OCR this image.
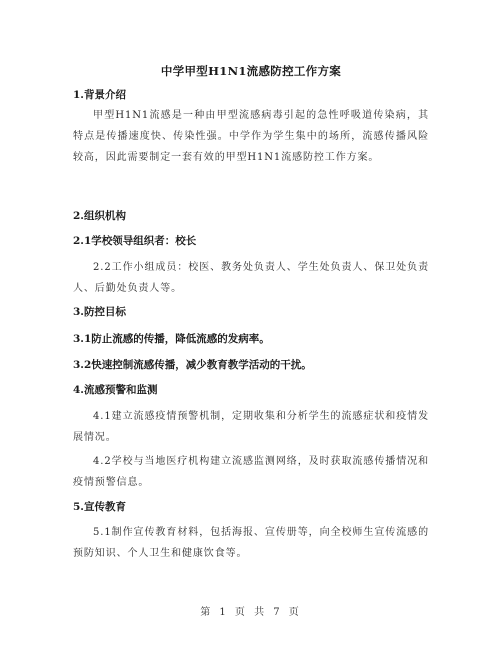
中学甲型H1N1流感防控工作方案
1.背景介绍
甲型H1N1流感是一种由甲型流感病毒引起的急性呼吸道传染病，其特点是传播速度快、传染性强。中学作为学生集中的场所，流感传播风险较高，因此需要制定一套有效的甲型H1N1流感防控工作方案。
2.组织机构
2.1学校领导组织者：校长
2.2工作小组成员：校医、教务处负责人、学生处负责人、保卫处负责人、后勤处负责人等。
3.防控目标
3.1防止流感的传播，降低流感的发病率。
3.2快速控制流感传播，减少教育教学活动的干扰。
4.流感预警和监测
4.1建立流感疫情预警机制，定期收集和分析学生的流感症状和疫情发展情况。
4.2学校与当地医疗机构建立流感监测网络，及时获取流感传播情况和疫情预警信息。
5.宣传教育
5.1制作宣传教育材料，包括海报、宣传册等，向全校师生宣传流感的预防知识、个人卫生和健康饮食等。
第 1 页 共 7 页
